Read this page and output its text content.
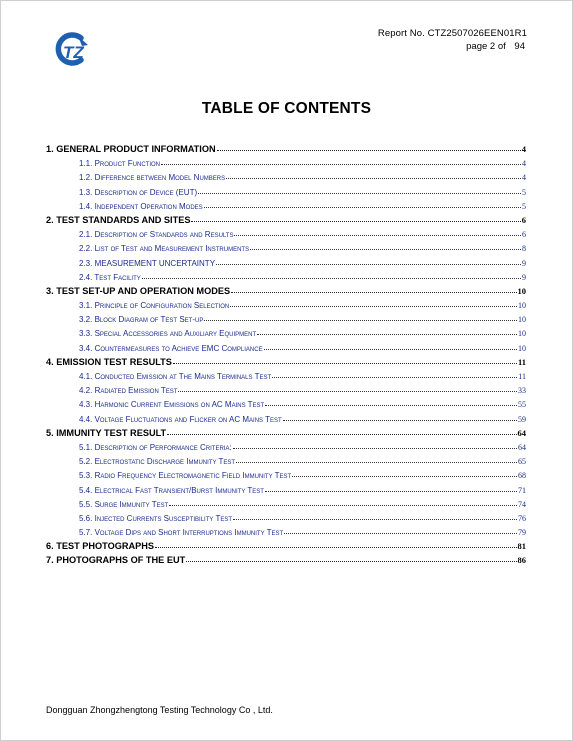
TZ
Report No. CTZ2507026EEN01R1
page 2 of 94
TABLE OF CONTENTS
1. GENERAL PRODUCT INFORMATION	4
1.1. Product Function	4
1.2. Difference between Model Numbers	4
1.3. Description of Device (EUT)	5
1.4. Independent Operation Modes	5
2. TEST STANDARDS AND SITES	6
2.1. Description of Standards and Results	6
2.2. List of Test and Measurement Instruments	8
2.3. MEASUREMENT UNCERTAINTY	9
2.4. Test Facility	9
3. TEST SET-UP AND OPERATION MODES	10
3.1. Principle of Configuration Selection	10
3.2. Block Diagram of Test Set-up	10
3.3. Special Accessories and Auxiliary Equipment	10
3.4. Countermeasures to Achieve EMC Compliance	10
4. EMISSION TEST RESULTS	11
4.1. Conducted Emission at The Mains Terminals Test	11
4.2. Radiated Emission Test	33
4.3. Harmonic Current Emissions on AC Mains Test	55
4.4. Voltage Fluctuations and Flicker on AC Mains Test	59
5. IMMUNITY TEST RESULT	64
5.1. Description of Performance Criteria:	64
5.2. Electrostatic Discharge Immunity Test	65
5.3. Radio Frequency Electromagnetic Field Immunity Test	68
5.4. Electrical Fast Transient/Burst Immunity Test	71
5.5. Surge Immunity Test	74
5.6. Injected Currents Susceptibility Test	76
5.7. Voltage Dips and Short Interruptions Immunity Test	79
6. TEST PHOTOGRAPHS	81
7. PHOTOGRAPHS OF THE EUT	86
Dongguan Zhongzhengtong Testing Technology Co , Ltd.
